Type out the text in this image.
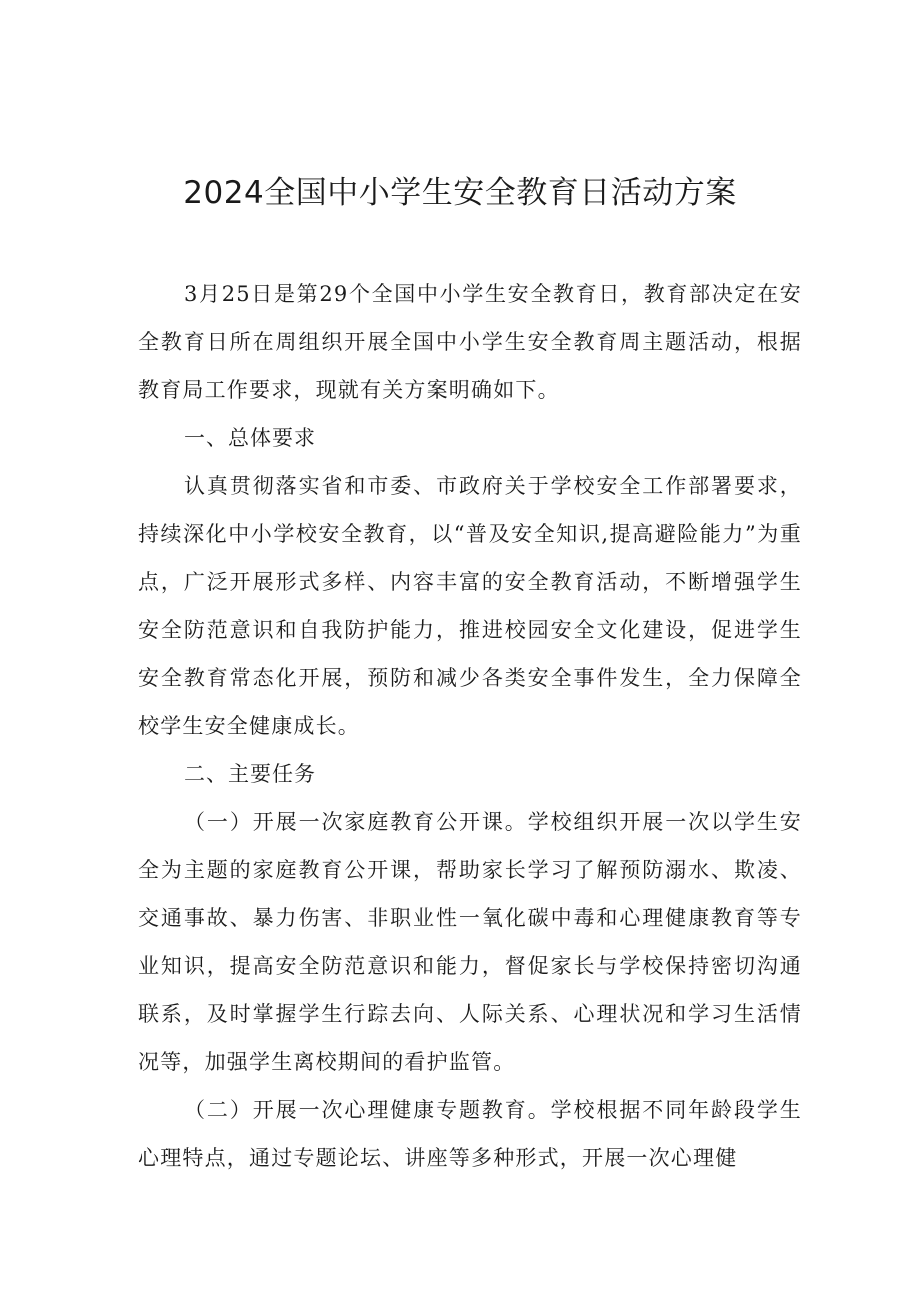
2024全国中小学生安全教育日活动方案

3月25日是第29个全国中小学生安全教育日，教育部决定在安全教育日所在周组织开展全国中小学生安全教育周主题活动，根据教育局工作要求，现就有关方案明确如下。

一、总体要求

认真贯彻落实省和市委、市政府关于学校安全工作部署要求，持续深化中小学校安全教育，以“普及安全知识,提高避险能力”为重点，广泛开展形式多样、内容丰富的安全教育活动，不断增强学生安全防范意识和自我防护能力，推进校园安全文化建设，促进学生安全教育常态化开展，预防和减少各类安全事件发生，全力保障全校学生安全健康成长。

二、主要任务

（一）开展一次家庭教育公开课。学校组织开展一次以学生安全为主题的家庭教育公开课，帮助家长学习了解预防溺水、欺凌、交通事故、暴力伤害、非职业性一氧化碳中毒和心理健康教育等专业知识，提高安全防范意识和能力，督促家长与学校保持密切沟通联系，及时掌握学生行踪去向、人际关系、心理状况和学习生活情况等，加强学生离校期间的看护监管。

（二）开展一次心理健康专题教育。学校根据不同年龄段学生心理特点，通过专题论坛、讲座等多种形式，开展一次心理健
